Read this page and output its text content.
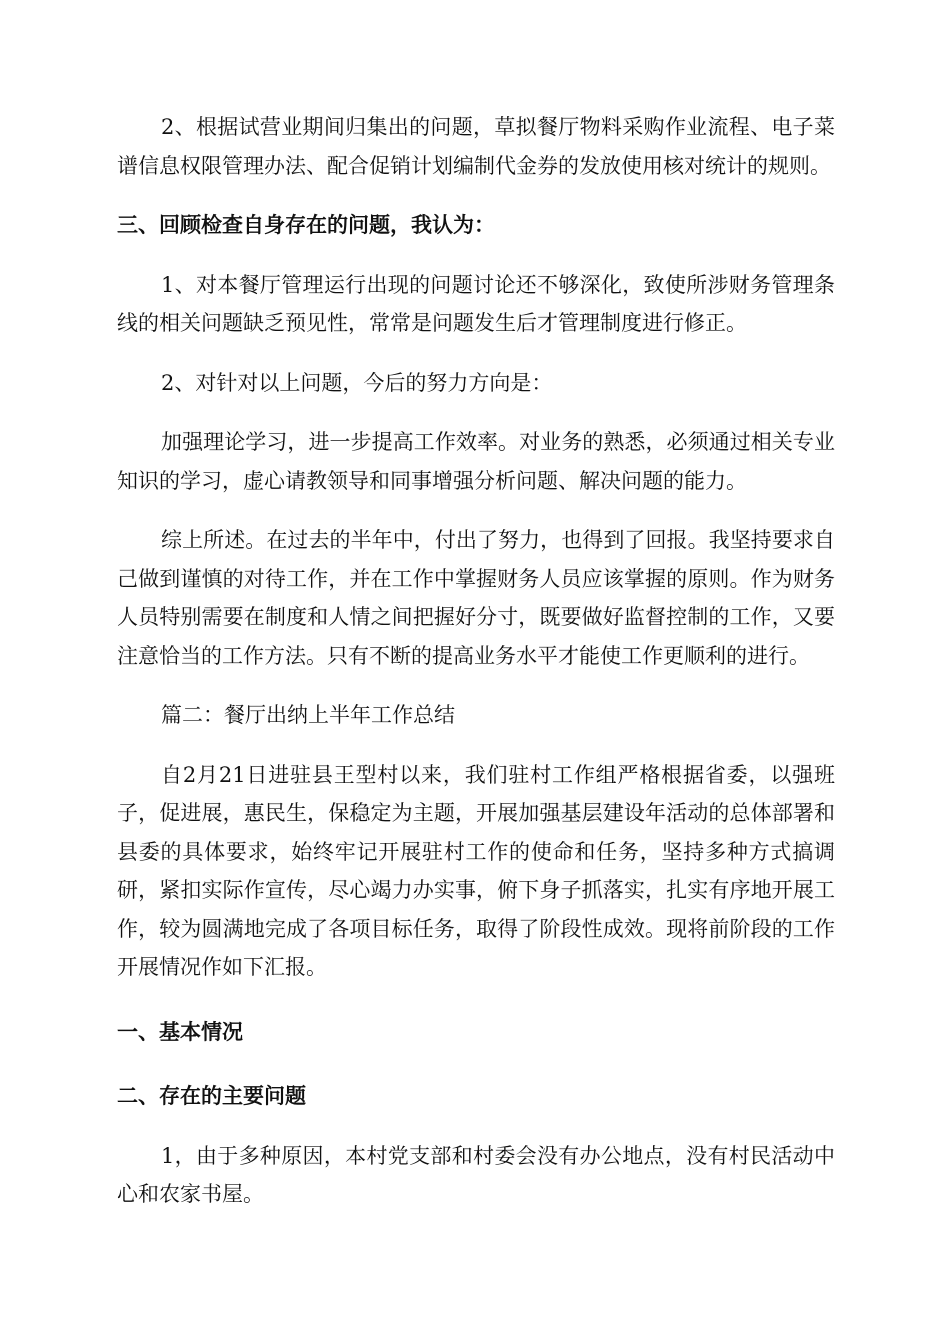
2、根据试营业期间归集出的问题，草拟餐厅物料采购作业流程、电子菜谱信息权限管理办法、配合促销计划编制代金券的发放使用核对统计的规则。

三、回顾检查自身存在的问题，我认为：

1、对本餐厅管理运行出现的问题讨论还不够深化，致使所涉财务管理条线的相关问题缺乏预见性，常常是问题发生后才管理制度进行修正。

2、对针对以上问题，今后的努力方向是：

加强理论学习，进一步提高工作效率。对业务的熟悉，必须通过相关专业知识的学习，虚心请教领导和同事增强分析问题、解决问题的能力。

综上所述。在过去的半年中，付出了努力，也得到了回报。我坚持要求自己做到谨慎的对待工作，并在工作中掌握财务人员应该掌握的原则。作为财务人员特别需要在制度和人情之间把握好分寸，既要做好监督控制的工作，又要注意恰当的工作方法。只有不断的提高业务水平才能使工作更顺利的进行。

篇二：餐厅出纳上半年工作总结

自2月21日进驻县王型村以来，我们驻村工作组严格根据省委，以强班子，促进展，惠民生，保稳定为主题，开展加强基层建设年活动的总体部署和县委的具体要求，始终牢记开展驻村工作的使命和任务，坚持多种方式搞调研，紧扣实际作宣传，尽心竭力办实事，俯下身子抓落实，扎实有序地开展工作，较为圆满地完成了各项目标任务，取得了阶段性成效。现将前阶段的工作开展情况作如下汇报。

一、基本情况
二、存在的主要问题

1，由于多种原因，本村党支部和村委会没有办公地点，没有村民活动中心和农家书屋。
